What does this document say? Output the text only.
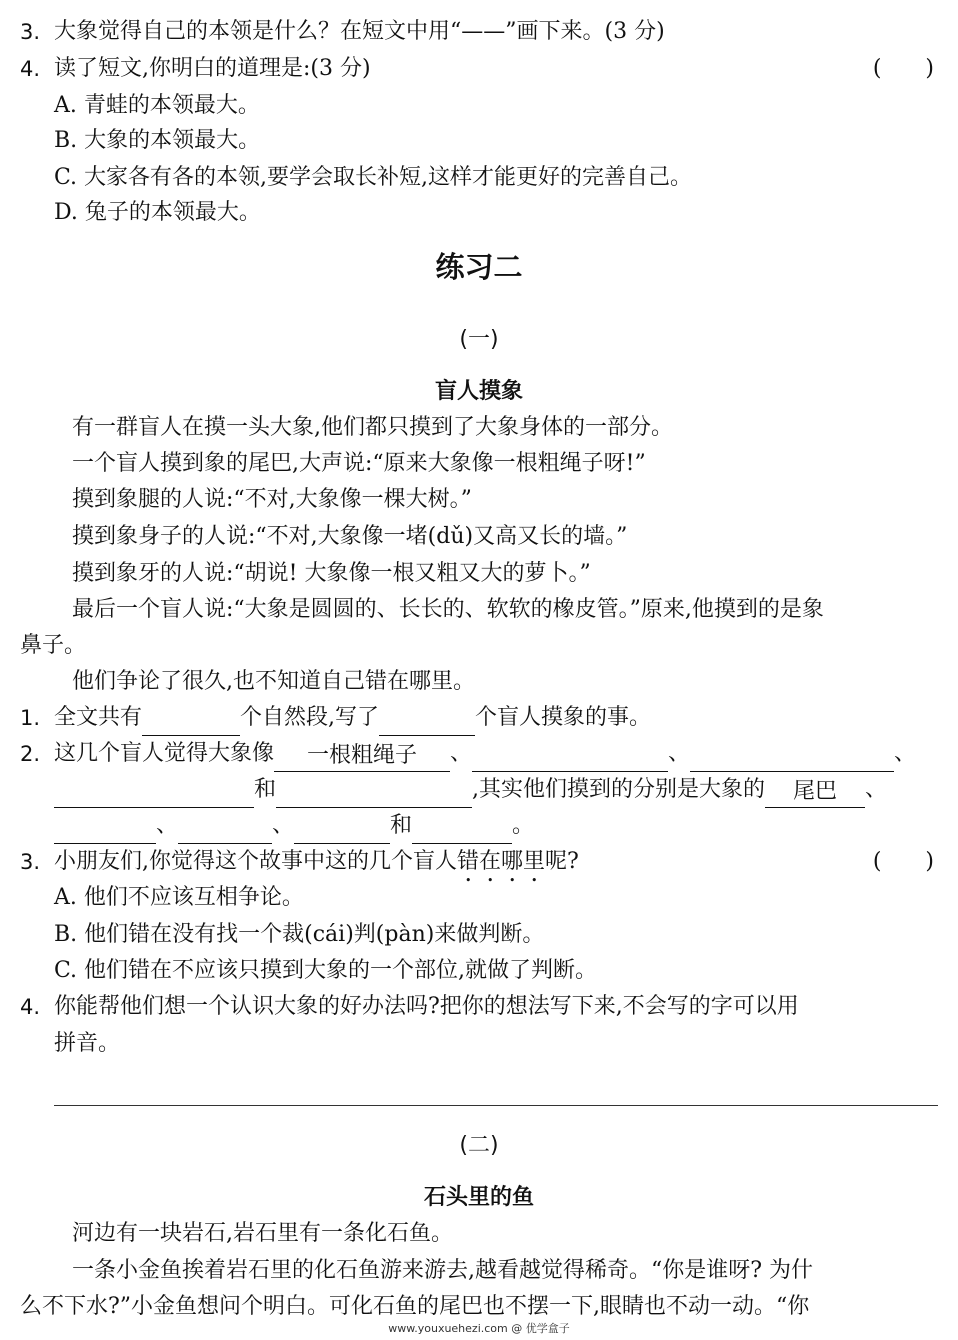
3. 大象觉得自己的本领是什么？在短文中用“——”画下来。(3 分)
4. 读了短文,你明白的道理是:(3 分)	(　　)
A. 青蛙的本领最大。
B. 大象的本领最大。
C. 大家各有各的本领,要学会取长补短,这样才能更好的完善自己。
D. 兔子的本领最大。
练习二
(一)
盲人摸象
有一群盲人在摸一头大象,他们都只摸到了大象身体的一部分。
一个盲人摸到象的尾巴,大声说:“原来大象像一根粗绳子呀!”
摸到象腿的人说:“不对,大象像一棵大树。”
摸到象身子的人说:“不对,大象像一堵(dǔ)又高又长的墙。”
摸到象牙的人说:“胡说! 大象像一根又粗又大的萝卜。”
最后一个盲人说:“大象是圆圆的、长长的、软软的橡皮管。”原来,他摸到的是象
鼻子。
他们争论了很久,也不知道自己错在哪里。
1. 全文共有	个自然段,写了	个盲人摸象的事。
2. 这几个盲人觉得大象像 一根粗绳子 、	、	、
和	,其实他们摸到的分别是大象的 尾巴 、
、	、	和	。
3. 小朋友们,你觉得这个故事中这的几个盲人错在哪里呢?	(　　)
A. 他们不应该互相争论。
B. 他们错在没有找一个裁(cái)判(pàn)来做判断。
C. 他们错在不应该只摸到大象的一个部位,就做了判断。
4. 你能帮他们想一个认识大象的好办法吗?把你的想法写下来,不会写的字可以用
拼音。
(二)
石头里的鱼
河边有一块岩石,岩石里有一条化石鱼。
一条小金鱼挨着岩石里的化石鱼游来游去,越看越觉得稀奇。“你是谁呀? 为什
么不下水?”小金鱼想问个明白。可化石鱼的尾巴也不摆一下,眼睛也不动一动。“你
www.youxuehezi.com @ 优学盒子
